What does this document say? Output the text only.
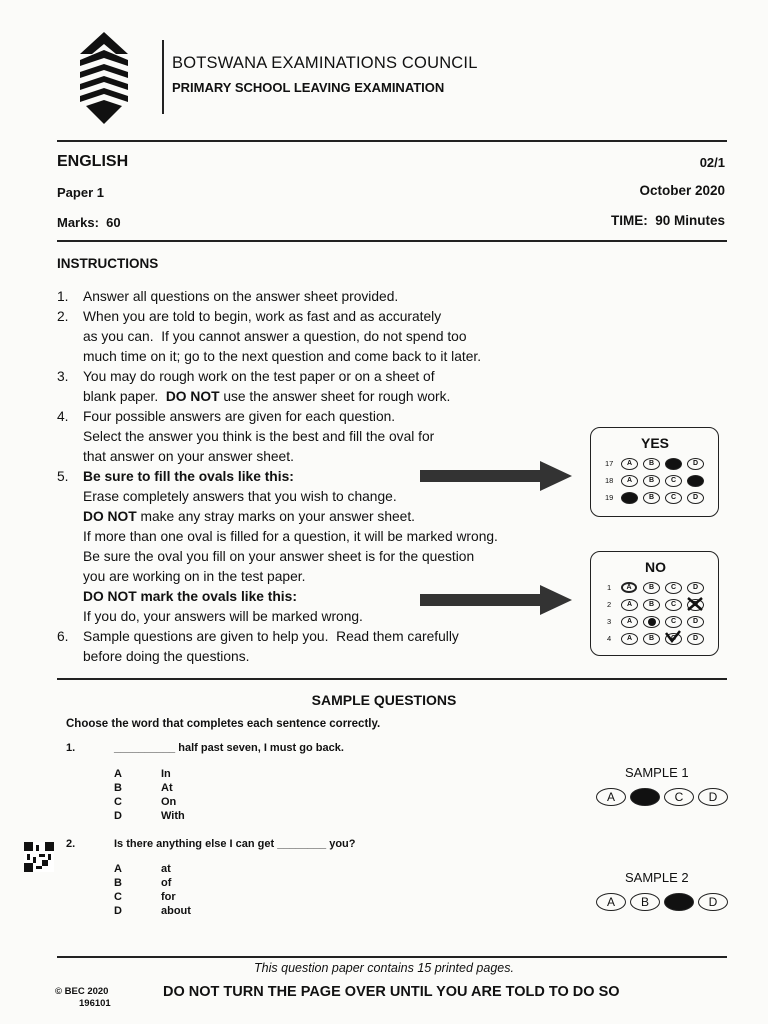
BOTSWANA EXAMINATIONS COUNCIL
PRIMARY SCHOOL LEAVING EXAMINATION
ENGLISH	02/1
Paper 1	October 2020
Marks:  60	TIME:  90 Minutes
INSTRUCTIONS
1. Answer all questions on the answer sheet provided.
2. When you are told to begin, work as fast and as accurately
as you can.  If you cannot answer a question, do not spend too
much time on it; go to the next question and come back to it later.
3. You may do rough work on the test paper or on a sheet of
blank paper.  DO NOT use the answer sheet for rough work.
4. Four possible answers are given for each question.
Select the answer you think is the best and fill the oval for
that answer on your answer sheet.
5. Be sure to fill the ovals like this:
Erase completely answers that you wish to change.
DO NOT make any stray marks on your answer sheet.
If more than one oval is filled for a question, it will be marked wrong.
Be sure the oval you fill on your answer sheet is for the question
you are working on in the test paper.
DO NOT mark the ovals like this:
If you do, your answers will be marked wrong.
6. Sample questions are given to help you.  Read them carefully
before doing the questions.
YES
17	A	B	D
18	A	B	C
19	B	C	D
NO
1	A	B	C	D
2	A	B	C
3	A	C	D
4	A	B	C	D
SAMPLE QUESTIONS
Choose the word that completes each sentence correctly.
1.	__________ half past seven, I must go back.
A	In
B	At
C	On
D	With
SAMPLE 1
A	C	D
2.	Is there anything else I can get ________ you?
A	at
B	of
C	for
D	about
SAMPLE 2
A	B	D
This question paper contains 15 printed pages.
© BEC 2020
196101
DO NOT TURN THE PAGE OVER UNTIL YOU ARE TOLD TO DO SO
